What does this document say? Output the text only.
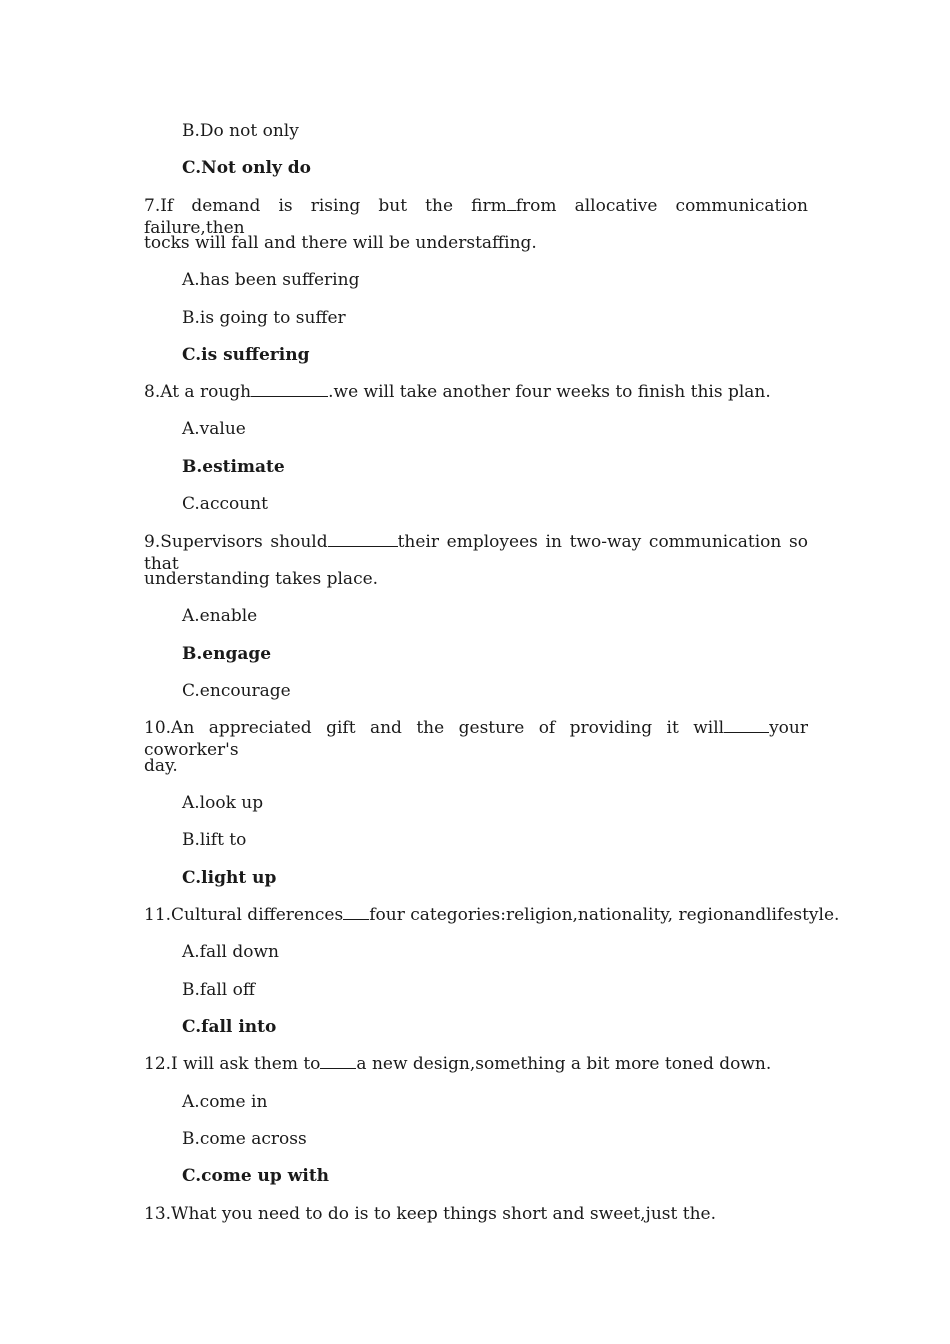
B.Do not only
C.Not only do
7.If demand is rising but the firm from allocative communication failure,then
tocks will fall and there will be understaffing.
A.has been suffering
B.is going to suffer
C.is suffering
8.At a rough	.we will take another four weeks to finish this plan.
A.value
B.estimate
C.account
9.Supervisors should	their employees in two-way communication so that
understanding takes place.
A.enable
B.engage
C.encourage
10.An appreciated gift and the gesture of providing it will	your coworker's
day.
A.look up
B.lift to
C.light up
11.Cultural differences four categories:religion,nationality, regionandlifestyle.
A.fall down
B.fall off
C.fall into
12.I will ask them to a new design,something a bit more toned down.
A.come in
B.come across
C.come up with
13.What you need to do is to keep things short and sweet,just the.
